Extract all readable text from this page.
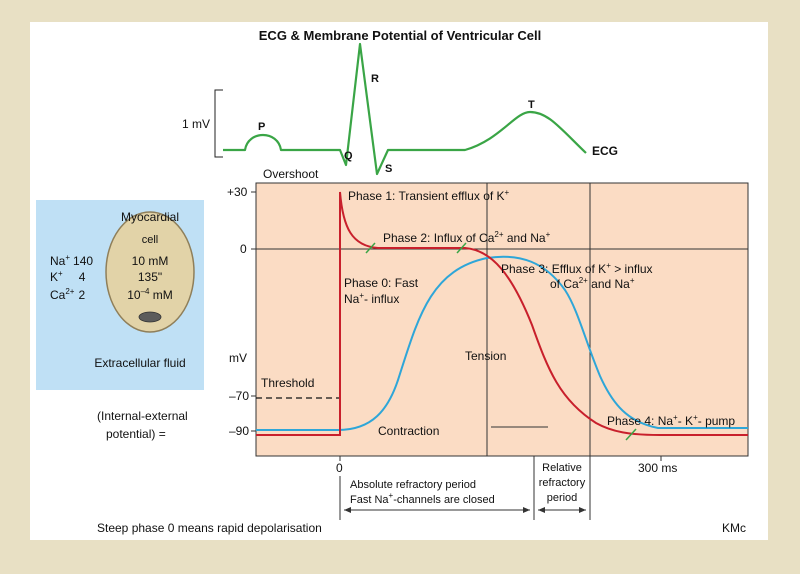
ECG & Membrane Potential of Ventricular Cell
1 mV	P
Q
R
S
T
ECG
Myocardial
cell
Na+ 140
K+ 4
$Ca^{2+}$ 2
10 mM
135"
$10^{-4}$ mM
Extracellular fluid
+30
0
–70
–90
mV
Overshoot
Threshold
(Internal-external
potential) =
0	300 ms
Phase 1: Transient efflux of K+
Phase 2: Influx of $Ca^{2+}$ and Na+
Phase 0: Fast
Na+- influx
Phase 3: Efflux of K+ > influx
of $Ca^{2+}$ and Na+
Phase 4: Na+- K+- pump
Tension
Contraction
Absolute refractory period
Fast Na+-channels are closed
Relative
refractory
period
Steep phase 0 means rapid depolarisation	KMc
